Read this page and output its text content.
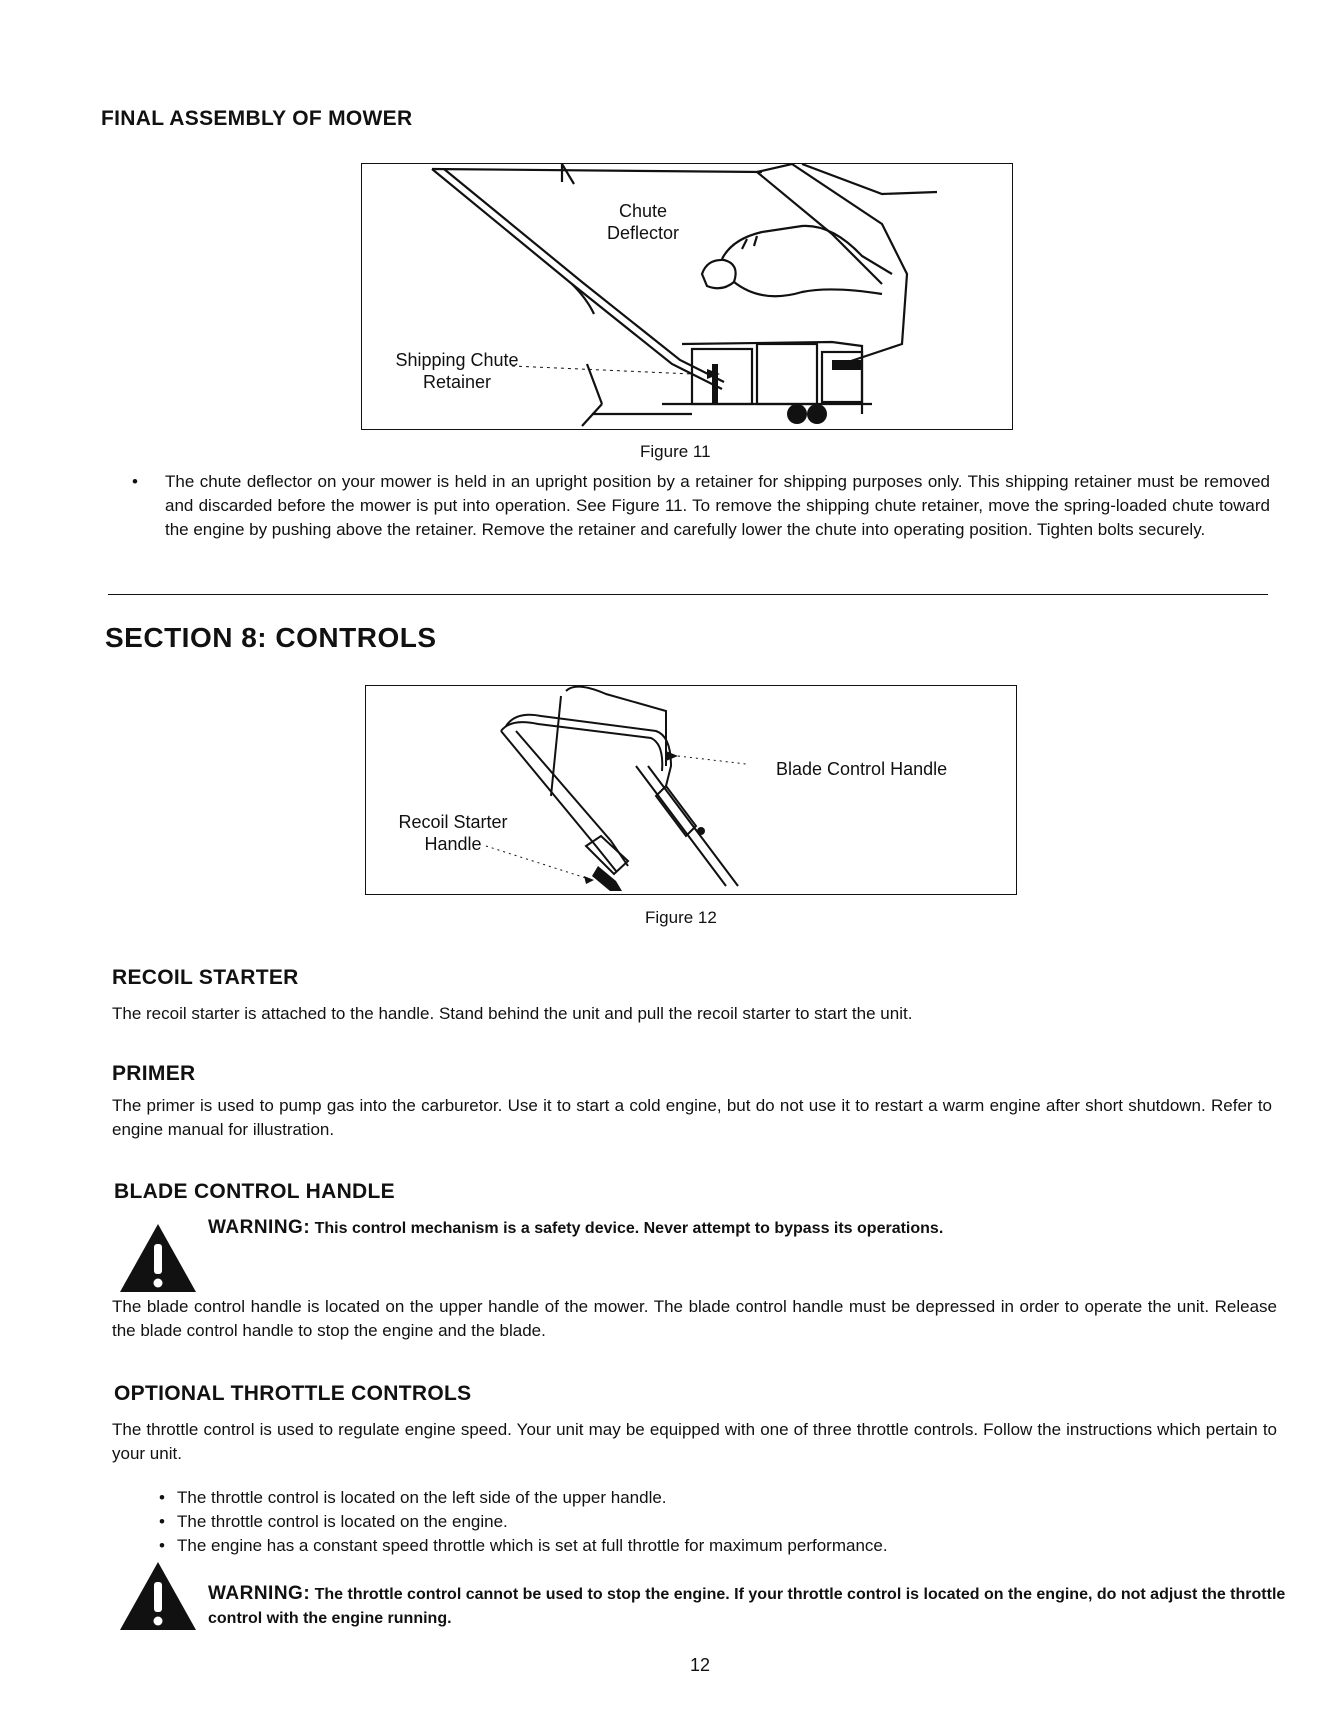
FINAL ASSEMBLY OF MOWER
Chute
Deflector
Shipping Chute
Retainer
Figure 11
•	The chute deflector on your mower is held in an upright position by a retainer for shipping purposes only. This shipping retainer must be removed and discarded before the mower is put into operation. See Figure 11. To remove the shipping chute retainer, move the spring-loaded chute toward the engine by pushing above the retainer. Remove the retainer and carefully lower the chute into operating position. Tighten bolts securely.
SECTION 8: CONTROLS
Blade Control Handle
Recoil Starter
Handle
Figure 12
RECOIL STARTER
The recoil starter is attached to the handle. Stand behind the unit and pull the recoil starter to start the unit.
PRIMER
The primer is used to pump gas into the carburetor. Use it to start a cold engine, but do not use it to restart a warm engine after short shutdown. Refer to engine manual for illustration.
BLADE CONTROL HANDLE
WARNING: This control mechanism is a safety device. Never attempt to bypass its operations.
The blade control handle is located on the upper handle of the mower. The blade control handle must be depressed in order to operate the unit. Release the blade control handle to stop the engine and the blade.
OPTIONAL THROTTLE CONTROLS
The throttle control is used to regulate engine speed. Your unit may be equipped with one of three throttle controls. Follow the instructions which pertain to your unit.
• The throttle control is located on the left side of the upper handle.
• The throttle control is located on the engine.
• The engine has a constant speed throttle which is set at full throttle for maximum performance.
WARNING: The throttle control cannot be used to stop the engine. If your throttle control is located on the engine, do not adjust the throttle control with the engine running.
12
